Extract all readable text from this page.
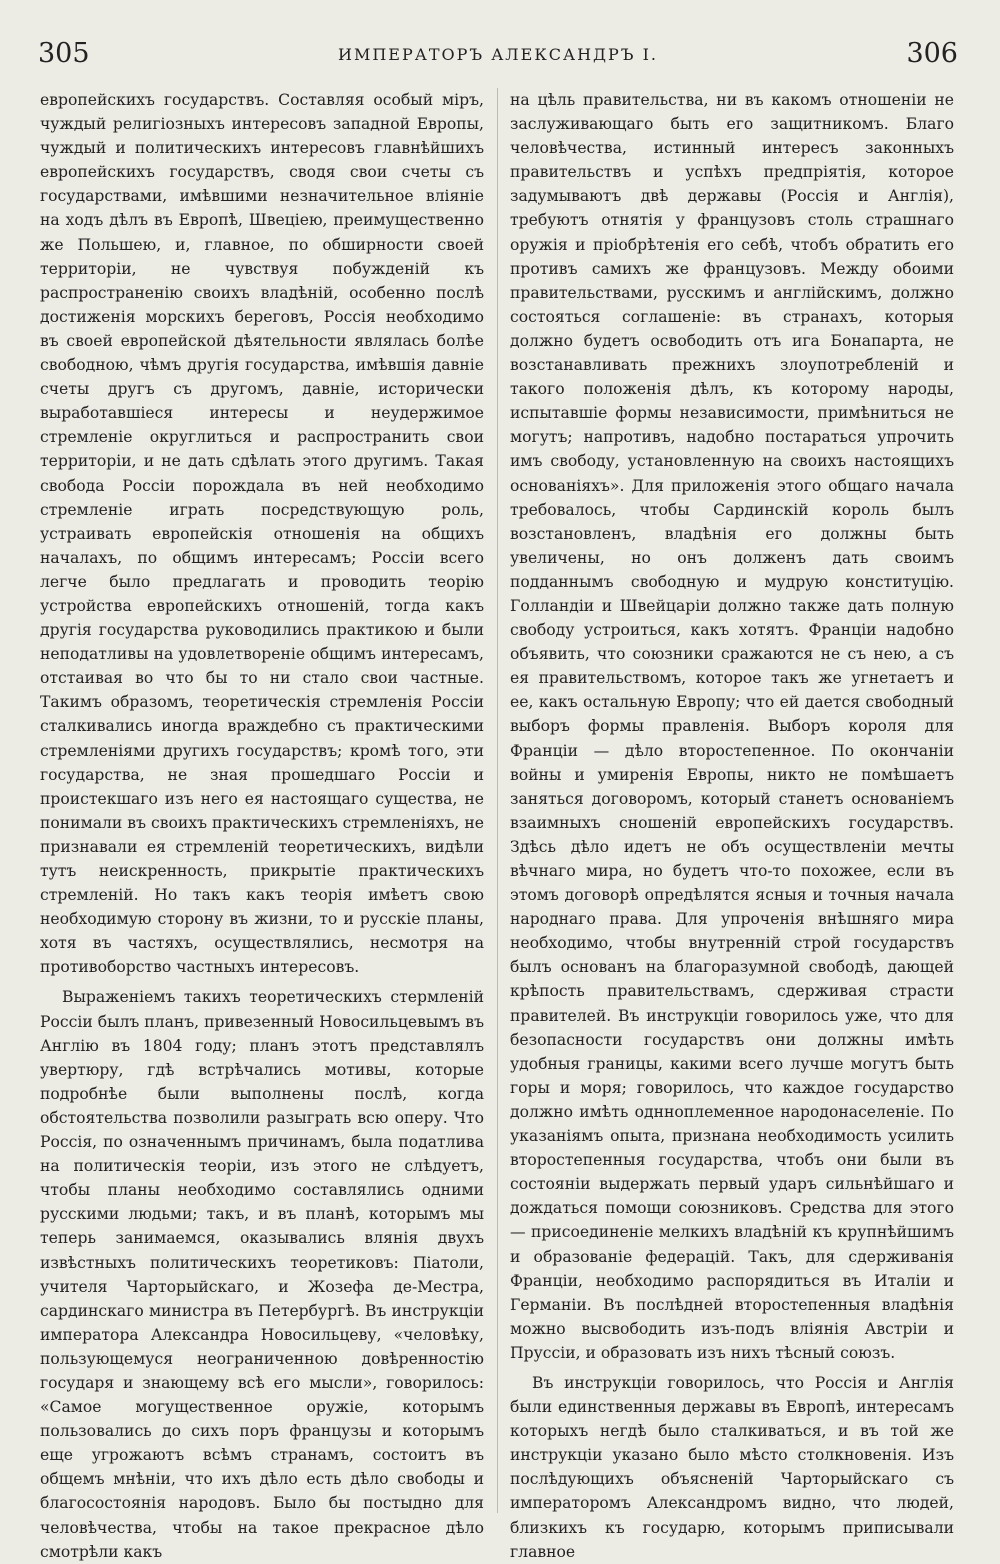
305	ИМПЕРАТОРЪ АЛЕКСАНДРЪ I.	306

европейскихъ государствъ. Составляя особый міръ, чуждый религіозныхъ интересовъ западной Европы, чуждый и политическихъ интересовъ главнѣйшихъ европейскихъ государствъ, сводя свои счеты съ государствами, имѣвшими незначительное вліяніе на ходъ дѣлъ въ Европѣ, Швеціею, преимущественно же Польшею, и, главное, по обширности своей территоріи, не чувствуя побужденій къ распространенію своихъ владѣній, особенно послѣ достиженія морскихъ береговъ, Россія необходимо въ своей европейской дѣятельности являлась болѣе свободною, чѣмъ другія государства, имѣвшія давніе счеты другъ съ другомъ, давніе, исторически выработавшіеся интересы и неудержимое стремленіе округлиться и распространить свои территоріи, и не дать сдѣлать этого другимъ. Такая свобода Россіи порождала въ ней необходимо стремленіе играть посредствующую роль, устраивать европейскія отношенія на общихъ началахъ, по общимъ интересамъ; Россіи всего легче было предлагать и проводить теорію устройства европейскихъ отношеній, тогда какъ другія государства руководились практикою и были неподатливы на удовлетвореніе общимъ интересамъ, отстаивая во что бы то ни стало свои частные. Такимъ образомъ, теоретическія стремленія Россіи сталкивались иногда враждебно съ практическими стремленіями другихъ государствъ; кромѣ того, эти государства, не зная прошедшаго Россіи и проистекшаго изъ него ея настоящаго существа, не понимали въ своихъ практическихъ стремленіяхъ, не признавали ея стремленій теоретическихъ, видѣли тутъ неискренность, прикрытіе практическихъ стремленій. Но такъ какъ теорія имѣетъ свою необходимую сторону въ жизни, то и русскіе планы, хотя въ частяхъ, осуществлялись, несмотря на противоборство частныхъ интересовъ.

Выраженіемъ такихъ теоретическихъ стермленій Россіи былъ планъ, привезенный Новосильцевымъ въ Англію въ 1804 году; планъ этотъ представлялъ увертюру, гдѣ встрѣчались мотивы, которые подробнѣе были выполнены послѣ, когда обстоятельства позволили разыграть всю оперу. Что Россія, по означеннымъ причинамъ, была податлива на политическія теоріи, изъ этого не слѣдуетъ, чтобы планы необходимо составлялись одними русскими людьми; такъ, и въ планѣ, которымъ мы теперь занимаемся, оказывались влянія двухъ извѣстныхъ политическихъ теоретиковъ: Піатоли, учителя Чарторыйскаго, и Жозефа де-Местра, сардинскаго министра въ Петербургѣ. Въ инструкціи императора Александра Новосильцеву, «человѣку, пользующемуся неограниченною довѣренностію государя и знающему всѣ его мысли», говорилось: «Самое могущественное оружіе, которымъ пользовались до сихъ поръ французы и которымъ еще угрожаютъ всѣмъ странамъ, состоитъ въ общемъ мнѣніи, что ихъ дѣло есть дѣло свободы и благосостоянія народовъ. Было бы постыдно для человѣчества, чтобы на такое прекрасное дѣло смотрѣли какъ

на цѣль правительства, ни въ какомъ отношеніи не заслуживающаго быть его защитникомъ. Благо человѣчества, истинный интересъ законныхъ правительствъ и успѣхъ предпріятія, которое задумываютъ двѣ державы (Россія и Англія), требуютъ отнятія у французовъ столь страшнаго оружія и пріобрѣтенія его себѣ, чтобъ обратить его противъ самихъ же французовъ. Между обоими правительствами, русскимъ и англійскимъ, должно состояться соглашеніе: въ странахъ, которыя должно будетъ освободить отъ ига Бонапарта, не возстанавливать прежнихъ злоупотребленій и такого положенія дѣлъ, къ которому народы, испытавшіе формы независимости, примѣниться не могутъ; напротивъ, надобно постараться упрочить имъ свободу, установленную на своихъ настоящихъ основаніяхъ». Для приложенія этого общаго начала требовалось, чтобы Сардинскій король былъ возстановленъ, владѣнія его должны быть увеличены, но онъ долженъ дать своимъ подданнымъ свободную и мудрую конституцію. Голландіи и Швейцаріи должно также дать полную свободу устроиться, какъ хотятъ. Франціи надобно объявить, что союзники сражаются не съ нею, а съ ея правительствомъ, которое такъ же угнетаетъ и ее, какъ остальную Европу; что ей дается свободный выборъ формы правленія. Выборъ короля для Франціи — дѣло второстепенное. По окончаніи войны и умиренія Европы, никто не помѣшаетъ заняться договоромъ, который станетъ основаніемъ взаимныхъ сношеній европейскихъ государствъ. Здѣсь дѣло идетъ не объ осуществленіи мечты вѣчнаго мира, но будетъ что-то похожее, если въ этомъ договорѣ опредѣлятся ясныя и точныя начала народнаго права. Для упроченія внѣшняго мира необходимо, чтобы внутренній строй государствъ былъ основанъ на благоразумной свободѣ, дающей крѣпость правительствамъ, сдерживая страсти правителей. Въ инструкціи говорилось уже, что для безопасности государствъ они должны имѣть удобныя границы, какими всего лучше могутъ быть горы и моря; говорилось, что каждое государство должно имѣть однноплеменное народонаселеніе. По указаніямъ опыта, признана необходимость усилить второстепенныя государства, чтобъ они были въ состояніи выдержать первый ударъ сильнѣйшаго и дождаться помощи союзниковъ. Средства для этого — присоединеніе мелкихъ владѣній къ крупнѣйшимъ и образованіе федерацій. Такъ, для сдерживанія Франціи, необходимо распорядиться въ Италіи и Германіи. Въ послѣдней второстепенныя владѣнія можно высвободить изъ-подъ вліянія Австріи и Пруссіи, и образовать изъ нихъ тѣсный союзъ.

Въ инструкціи говорилось, что Россія и Англія были единственныя державы въ Европѣ, интересамъ которыхъ негдѣ было сталкиваться, и въ той же инструкціи указано было мѣсто столкновенія. Изъ послѣдующихъ объясненій Чарторыйскаго съ императоромъ Александромъ видно, что людей, близкихъ къ государю, которымъ приписывали главное
